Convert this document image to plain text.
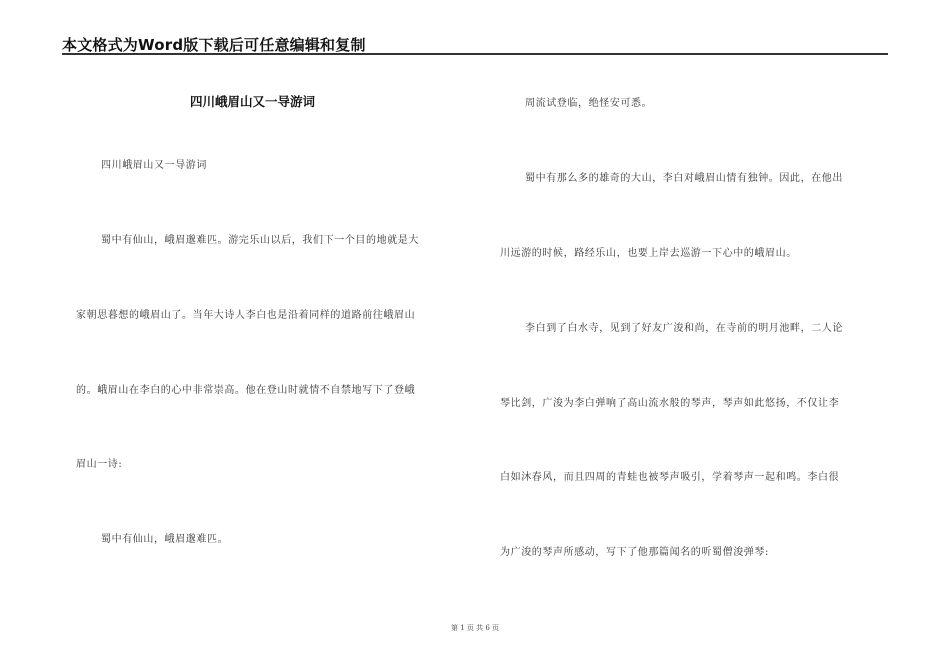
本文格式为Word版下载后可任意编辑和复制
四川峨眉山又一导游词
四川峨眉山又一导游词
蜀中有仙山，峨眉邈难匹。游完乐山以后，我们下一个目的地就是大
家朝思暮想的峨眉山了。当年大诗人李白也是沿着同样的道路前往峨眉山
的。峨眉山在李白的心中非常崇高。他在登山时就情不自禁地写下了登峨
眉山一诗:
蜀中有仙山，峨眉邈难匹。
周流试登临，绝怪安可悉。
蜀中有那么多的雄奇的大山，李白对峨眉山情有独钟。因此，在他出
川远游的时候，路经乐山，也要上岸去巡游一下心中的峨眉山。
李白到了白水寺，见到了好友广浚和尚，在寺前的明月池畔，二人论
琴比剑，广浚为李白弹响了高山流水般的琴声，琴声如此悠扬，不仅让李
白如沐春风，而且四周的青蛙也被琴声吸引，学着琴声一起和鸣。李白很
为广浚的琴声所感动，写下了他那篇闻名的听蜀僧浚弹琴:
第 1 页 共 6 页
